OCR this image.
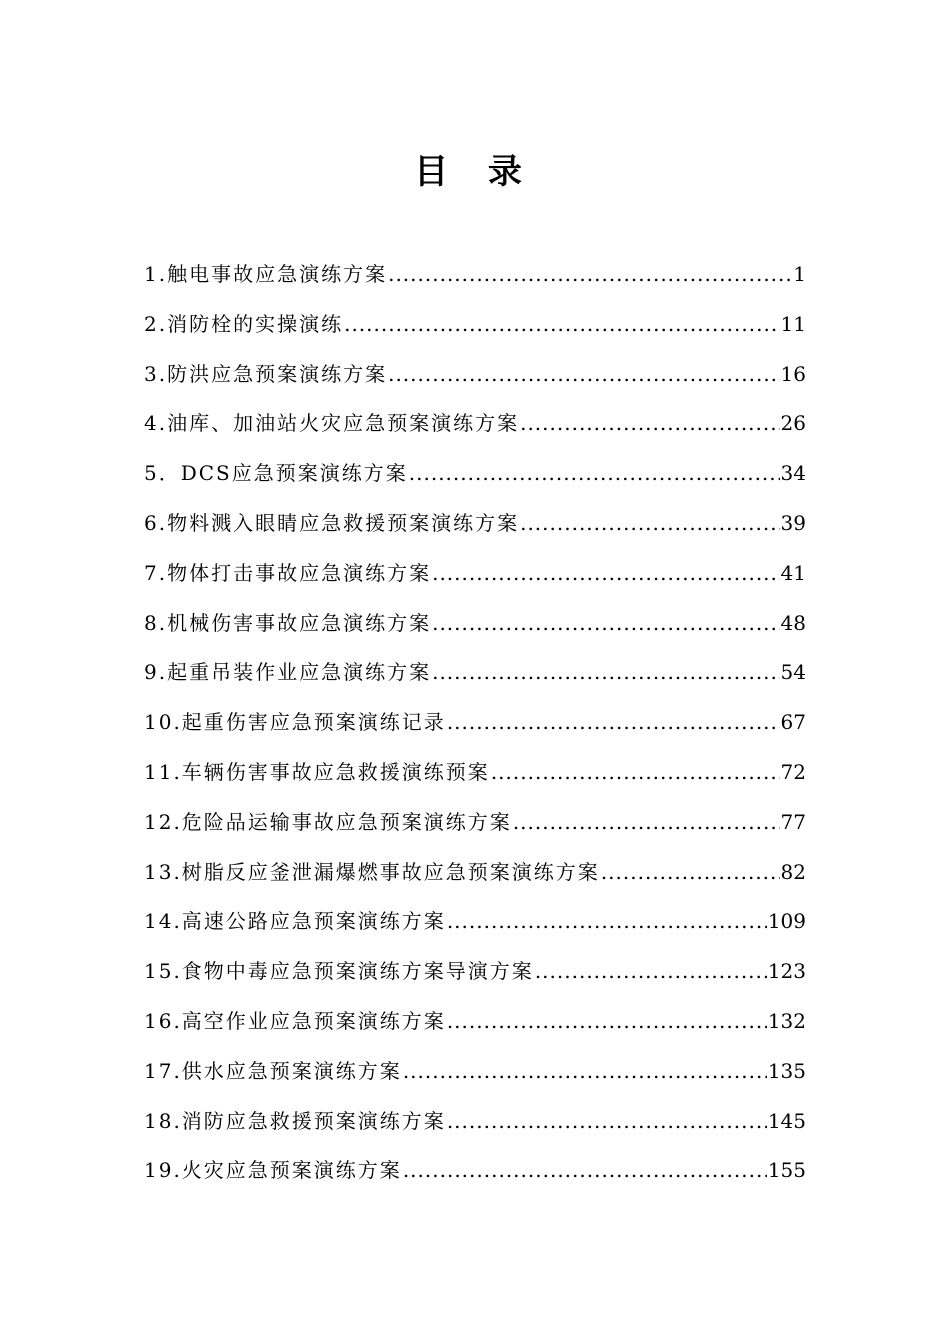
目 录
1.触电事故应急演练方案 .....	1
2.消防栓的实操演练 .....	11
3.防洪应急预案演练方案 .....	16
4.油库、加油站火灾应急预案演练方案 .....	26
5．DCS应急预案演练方案 .....	34
6.物料溅入眼睛应急救援预案演练方案 .....	39
7.物体打击事故应急演练方案 .....	41
8.机械伤害事故应急演练方案 .....	48
9.起重吊装作业应急演练方案 .....	54
10.起重伤害应急预案演练记录 .....	67
11.车辆伤害事故应急救援演练预案 .....	72
12.危险品运输事故应急预案演练方案 .....	77
13.树脂反应釜泄漏爆燃事故应急预案演练方案 .....	82
14.高速公路应急预案演练方案 .....	109
15.食物中毒应急预案演练方案导演方案 .....	123
16.高空作业应急预案演练方案 .....	132
17.供水应急预案演练方案 .....	135
18.消防应急救援预案演练方案 .....	145
19.火灾应急预案演练方案 .....	155
